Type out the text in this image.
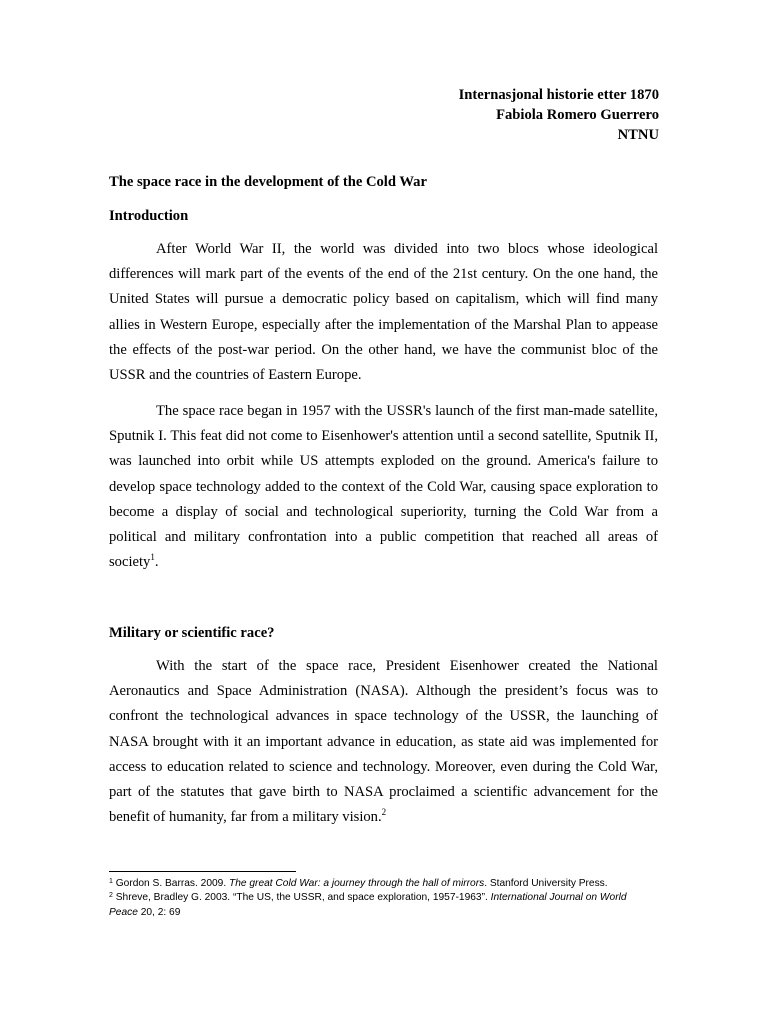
Internasjonal historie etter 1870
Fabiola Romero Guerrero
NTNU
The space race in the development of the Cold War
Introduction
After World War II, the world was divided into two blocs whose ideological differences will mark part of the events of the end of the 21st century. On the one hand, the United States will pursue a democratic policy based on capitalism, which will find many allies in Western Europe, especially after the implementation of the Marshal Plan to appease the effects of the post-war period. On the other hand, we have the communist bloc of the USSR and the countries of Eastern Europe.
The space race began in 1957 with the USSR's launch of the first man-made satellite, Sputnik I. This feat did not come to Eisenhower's attention until a second satellite, Sputnik II, was launched into orbit while US attempts exploded on the ground. America's failure to develop space technology added to the context of the Cold War, causing space exploration to become a display of social and technological superiority, turning the Cold War from a political and military confrontation into a public competition that reached all areas of society$^1$.
Military or scientific race?
With the start of the space race, President Eisenhower created the National Aeronautics and Space Administration (NASA). Although the president’s focus was to confront the technological advances in space technology of the USSR, the launching of NASA brought with it an important advance in education, as state aid was implemented for access to education related to science and technology. Moreover, even during the Cold War, part of the statutes that gave birth to NASA proclaimed a scientific advancement for the benefit of humanity, far from a military vision.$^2$
$^1$ Gordon S. Barras. 2009. The great Cold War: a journey through the hall of mirrors. Stanford University Press.
$^2$ Shreve, Bradley G. 2003. “The US, the USSR, and space exploration, 1957-1963”. International Journal on World Peace 20, 2: 69
